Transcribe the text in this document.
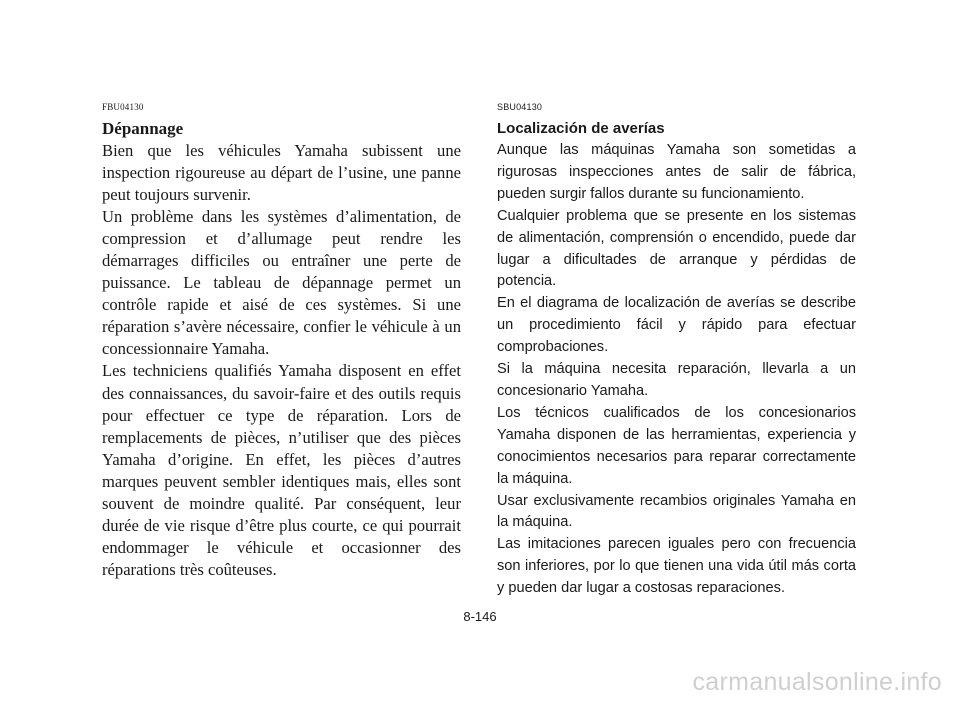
FBU04130
Dépannage

Bien que les véhicules Yamaha subissent une inspection rigoureuse au départ de l’usine, une panne peut toujours survenir.

Un problème dans les systèmes d’alimentation, de compression et d’allumage peut rendre les démarrages difficiles ou entraîner une perte de puissance. Le tableau de dépannage permet un contrôle rapide et aisé de ces systèmes. Si une réparation s’avère nécessaire, confier le véhicule à un concessionnaire Yamaha.

Les techniciens qualifiés Yamaha disposent en effet des connaissances, du savoir-faire et des outils requis pour effectuer ce type de réparation. Lors de remplacements de pièces, n’utiliser que des pièces Yamaha d’origine. En effet, les pièces d’autres marques peuvent sembler identiques mais, elles sont souvent de moindre qualité. Par conséquent, leur durée de vie risque d’être plus courte, ce qui pourrait endommager le véhicule et occasionner des réparations très coûteuses.

SBU04130
Localización de averías

Aunque las máquinas Yamaha son sometidas a rigurosas inspecciones antes de salir de fábrica, pueden surgir fallos durante su funcionamiento.

Cualquier problema que se presente en los sistemas de alimentación, comprensión o encendido, puede dar lugar a dificultades de arranque y pérdidas de potencia.

En el diagrama de localización de averías se describe un procedimiento fácil y rápido para efectuar comprobaciones.

Si la máquina necesita reparación, llevarla a un concesionario Yamaha.

Los técnicos cualificados de los concesionarios Yamaha disponen de las herramientas, experiencia y conocimientos necesarios para reparar correctamente la máquina.

Usar exclusivamente recambios originales Yamaha en la máquina.

Las imitaciones parecen iguales pero con frecuencia son inferiores, por lo que tienen una vida útil más corta y pueden dar lugar a costosas reparaciones.

8-146
carmanualsonline.info
